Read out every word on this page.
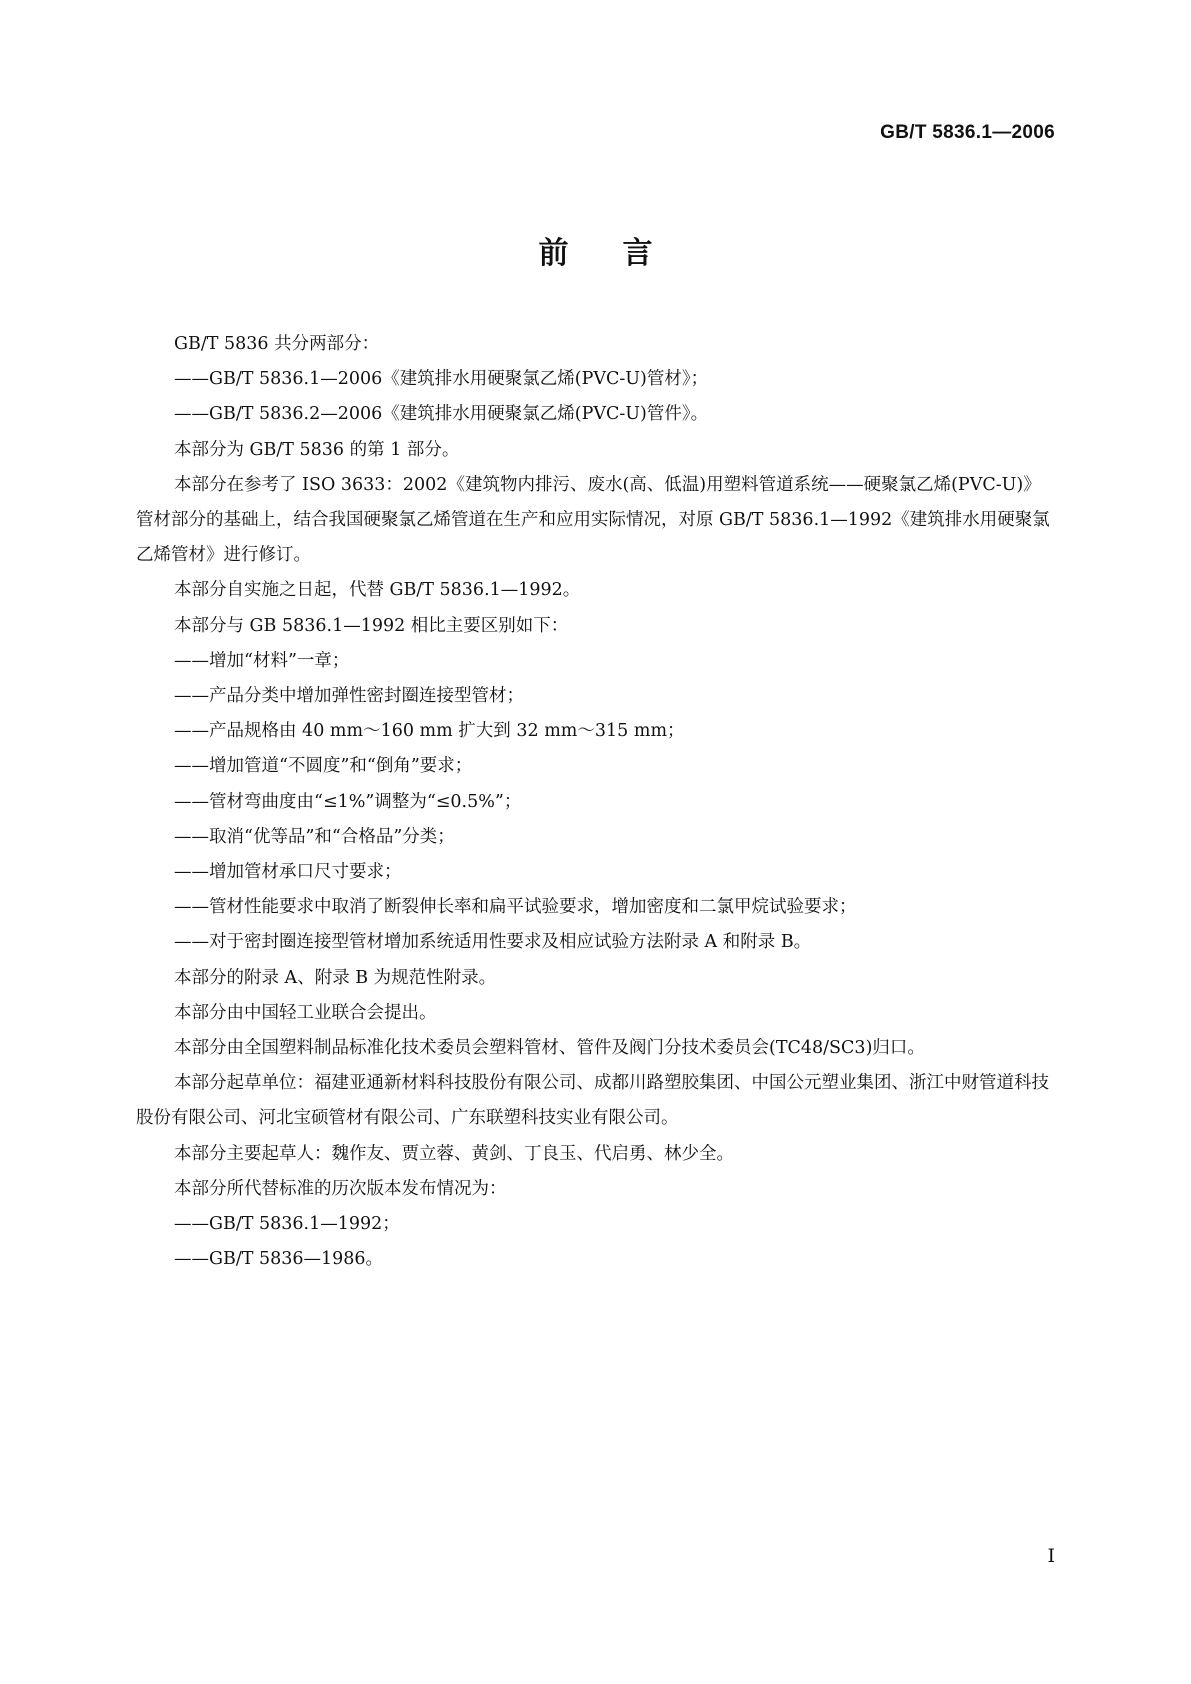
GB/T 5836.1—2006
前言

GB/T 5836 共分两部分：

——GB/T 5836.1—2006《建筑排水用硬聚氯乙烯(PVC-U)管材》；

——GB/T 5836.2—2006《建筑排水用硬聚氯乙烯(PVC-U)管件》。

本部分为 GB/T 5836 的第 1 部分。

本部分在参考了 ISO 3633：2002《建筑物内排污、废水(高、低温)用塑料管道系统——硬聚氯乙烯(PVC-U)》管材部分的基础上，结合我国硬聚氯乙烯管道在生产和应用实际情况，对原 GB/T 5836.1—1992《建筑排水用硬聚氯乙烯管材》进行修订。

本部分自实施之日起，代替 GB/T 5836.1—1992。

本部分与 GB 5836.1—1992 相比主要区别如下：

——增加“材料”一章；

——产品分类中增加弹性密封圈连接型管材；

——产品规格由 40 mm～160 mm 扩大到 32 mm～315 mm；

——增加管道“不圆度”和“倒角”要求；

——管材弯曲度由“≤1%”调整为“≤0.5%”；

——取消“优等品”和“合格品”分类；

——增加管材承口尺寸要求；

——管材性能要求中取消了断裂伸长率和扁平试验要求，增加密度和二氯甲烷试验要求；

——对于密封圈连接型管材增加系统适用性要求及相应试验方法附录 A 和附录 B。

本部分的附录 A、附录 B 为规范性附录。

本部分由中国轻工业联合会提出。

本部分由全国塑料制品标准化技术委员会塑料管材、管件及阀门分技术委员会(TC48/SC3)归口。

本部分起草单位：福建亚通新材料科技股份有限公司、成都川路塑胶集团、中国公元塑业集团、浙江中财管道科技股份有限公司、河北宝硕管材有限公司、广东联塑科技实业有限公司。

本部分主要起草人：魏作友、贾立蓉、黄剑、丁良玉、代启勇、林少全。

本部分所代替标准的历次版本发布情况为：

——GB/T 5836.1—1992；

——GB/T 5836—1986。

I
